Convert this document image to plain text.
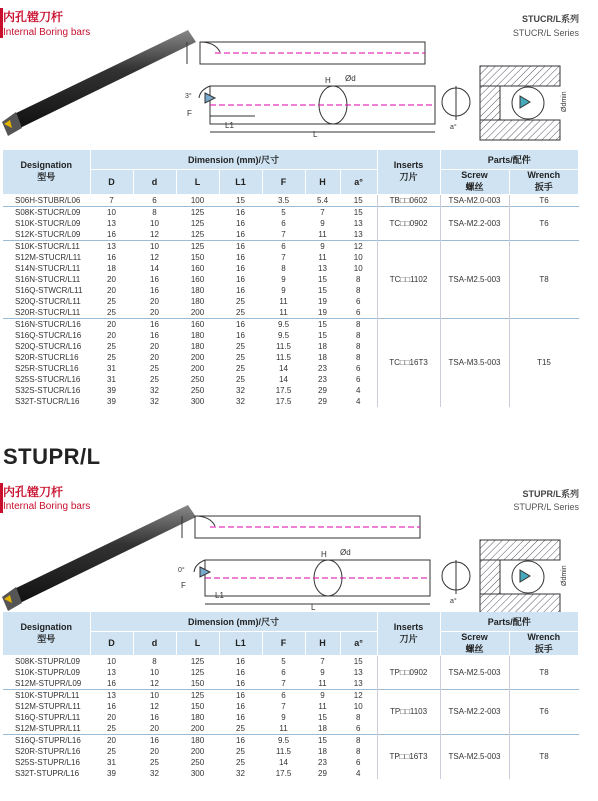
内孔镗刀杆
Internal Boring bars
STUCR/L系列
STUCR/L Series
H Ød
3°
F
L1
L
a°
Ødmin
Designation
型号	Dimension (mm)/尺寸							Inserts
刀片	Parts/配件	
	D	d	L	L1	F	H	a°		Screw
螺丝	Wrench
扳手
S06H-STUBR/L06	7	6	100	15	3.5	5.4	15	TB□□0602	TSA-M2.0-003	T6
S08K-STUCR/L09	10	8	125	16	5	7	15	TC□□0902	TSA-M2.2-003	T6
S10K-STUCR/L09	13	10	125	16	6	9	13			
S12K-STUCR/L09	16	12	125	16	7	11	13			
S10K-STUCR/L11	13	10	125	16	6	9	12	TC□□1102	TSA-M2.5-003	T8
S12M-STUCR/L11	16	12	150	16	7	11	10			
S14N-STUCR/L11	18	14	160	16	8	13	10			
S16N-STUCR/L11	20	16	160	16	9	15	8			
S16Q-STWCR/L11	20	16	180	16	9	15	8			
S20Q-STUCR/L11	25	20	180	25	11	19	6			
S20R-STUCR/L11	25	20	200	25	11	19	6			
S16N-STUCR/L16	20	16	160	16	9.5	15	8	TC□□16T3	TSA-M3.5-003	T15
S16Q-STUCR/L16	20	16	180	16	9.5	15	8			
S20Q-STUCR/L16	25	20	180	25	11.5	18	8			
S20R-STUCRL16	25	20	200	25	11.5	18	8			
S25R-STUCRL16	31	25	200	25	14	23	6			
S25S-STUCR/L16	31	25	250	25	14	23	6			
S32S-STUCR/L16	39	32	250	32	17.5	29	4			
S32T-STUCR/L16	39	32	300	32	17.5	29	4			
STUPR/L
内孔镗刀杆
Internal Boring bars
STUPR/L系列
STUPR/L Series
H Ød
0°
F
L1
L
a°
Ødmin
Designation
型号	Dimension (mm)/尺寸							Inserts
刀片	Parts/配件	
	D	d	L	L1	F	H	a°		Screw
螺丝	Wrench
扳手
S08K-STUPR/L09	10	8	125	16	5	7	15	TP□□0902	TSA-M2.5-003	T8
S10K-STUPR/L09	13	10	125	16	6	9	13			
S12M-STUPR/L09	16	12	150	16	7	11	13			
S10K-STUPR/L11	13	10	125	16	6	9	12	TP□□1103	TSA-M2.2-003	T6
S12M-STUPR/L11	16	12	150	16	7	11	10			
S16Q-STUPR/L11	20	16	180	16	9	15	8			
S12M-STUPR/L11	25	20	200	25	11	18	6			
S16Q-STUPR/L16	20	16	180	16	9.5	15	8	TP□□16T3	TSA-M2.5-003	T8
S20R-STUPR/L16	25	20	200	25	11.5	18	8			
S25S-STUPR/L16	31	25	250	25	14	23	6			
S32T-STUPR/L16	39	32	300	32	17.5	29	4			
